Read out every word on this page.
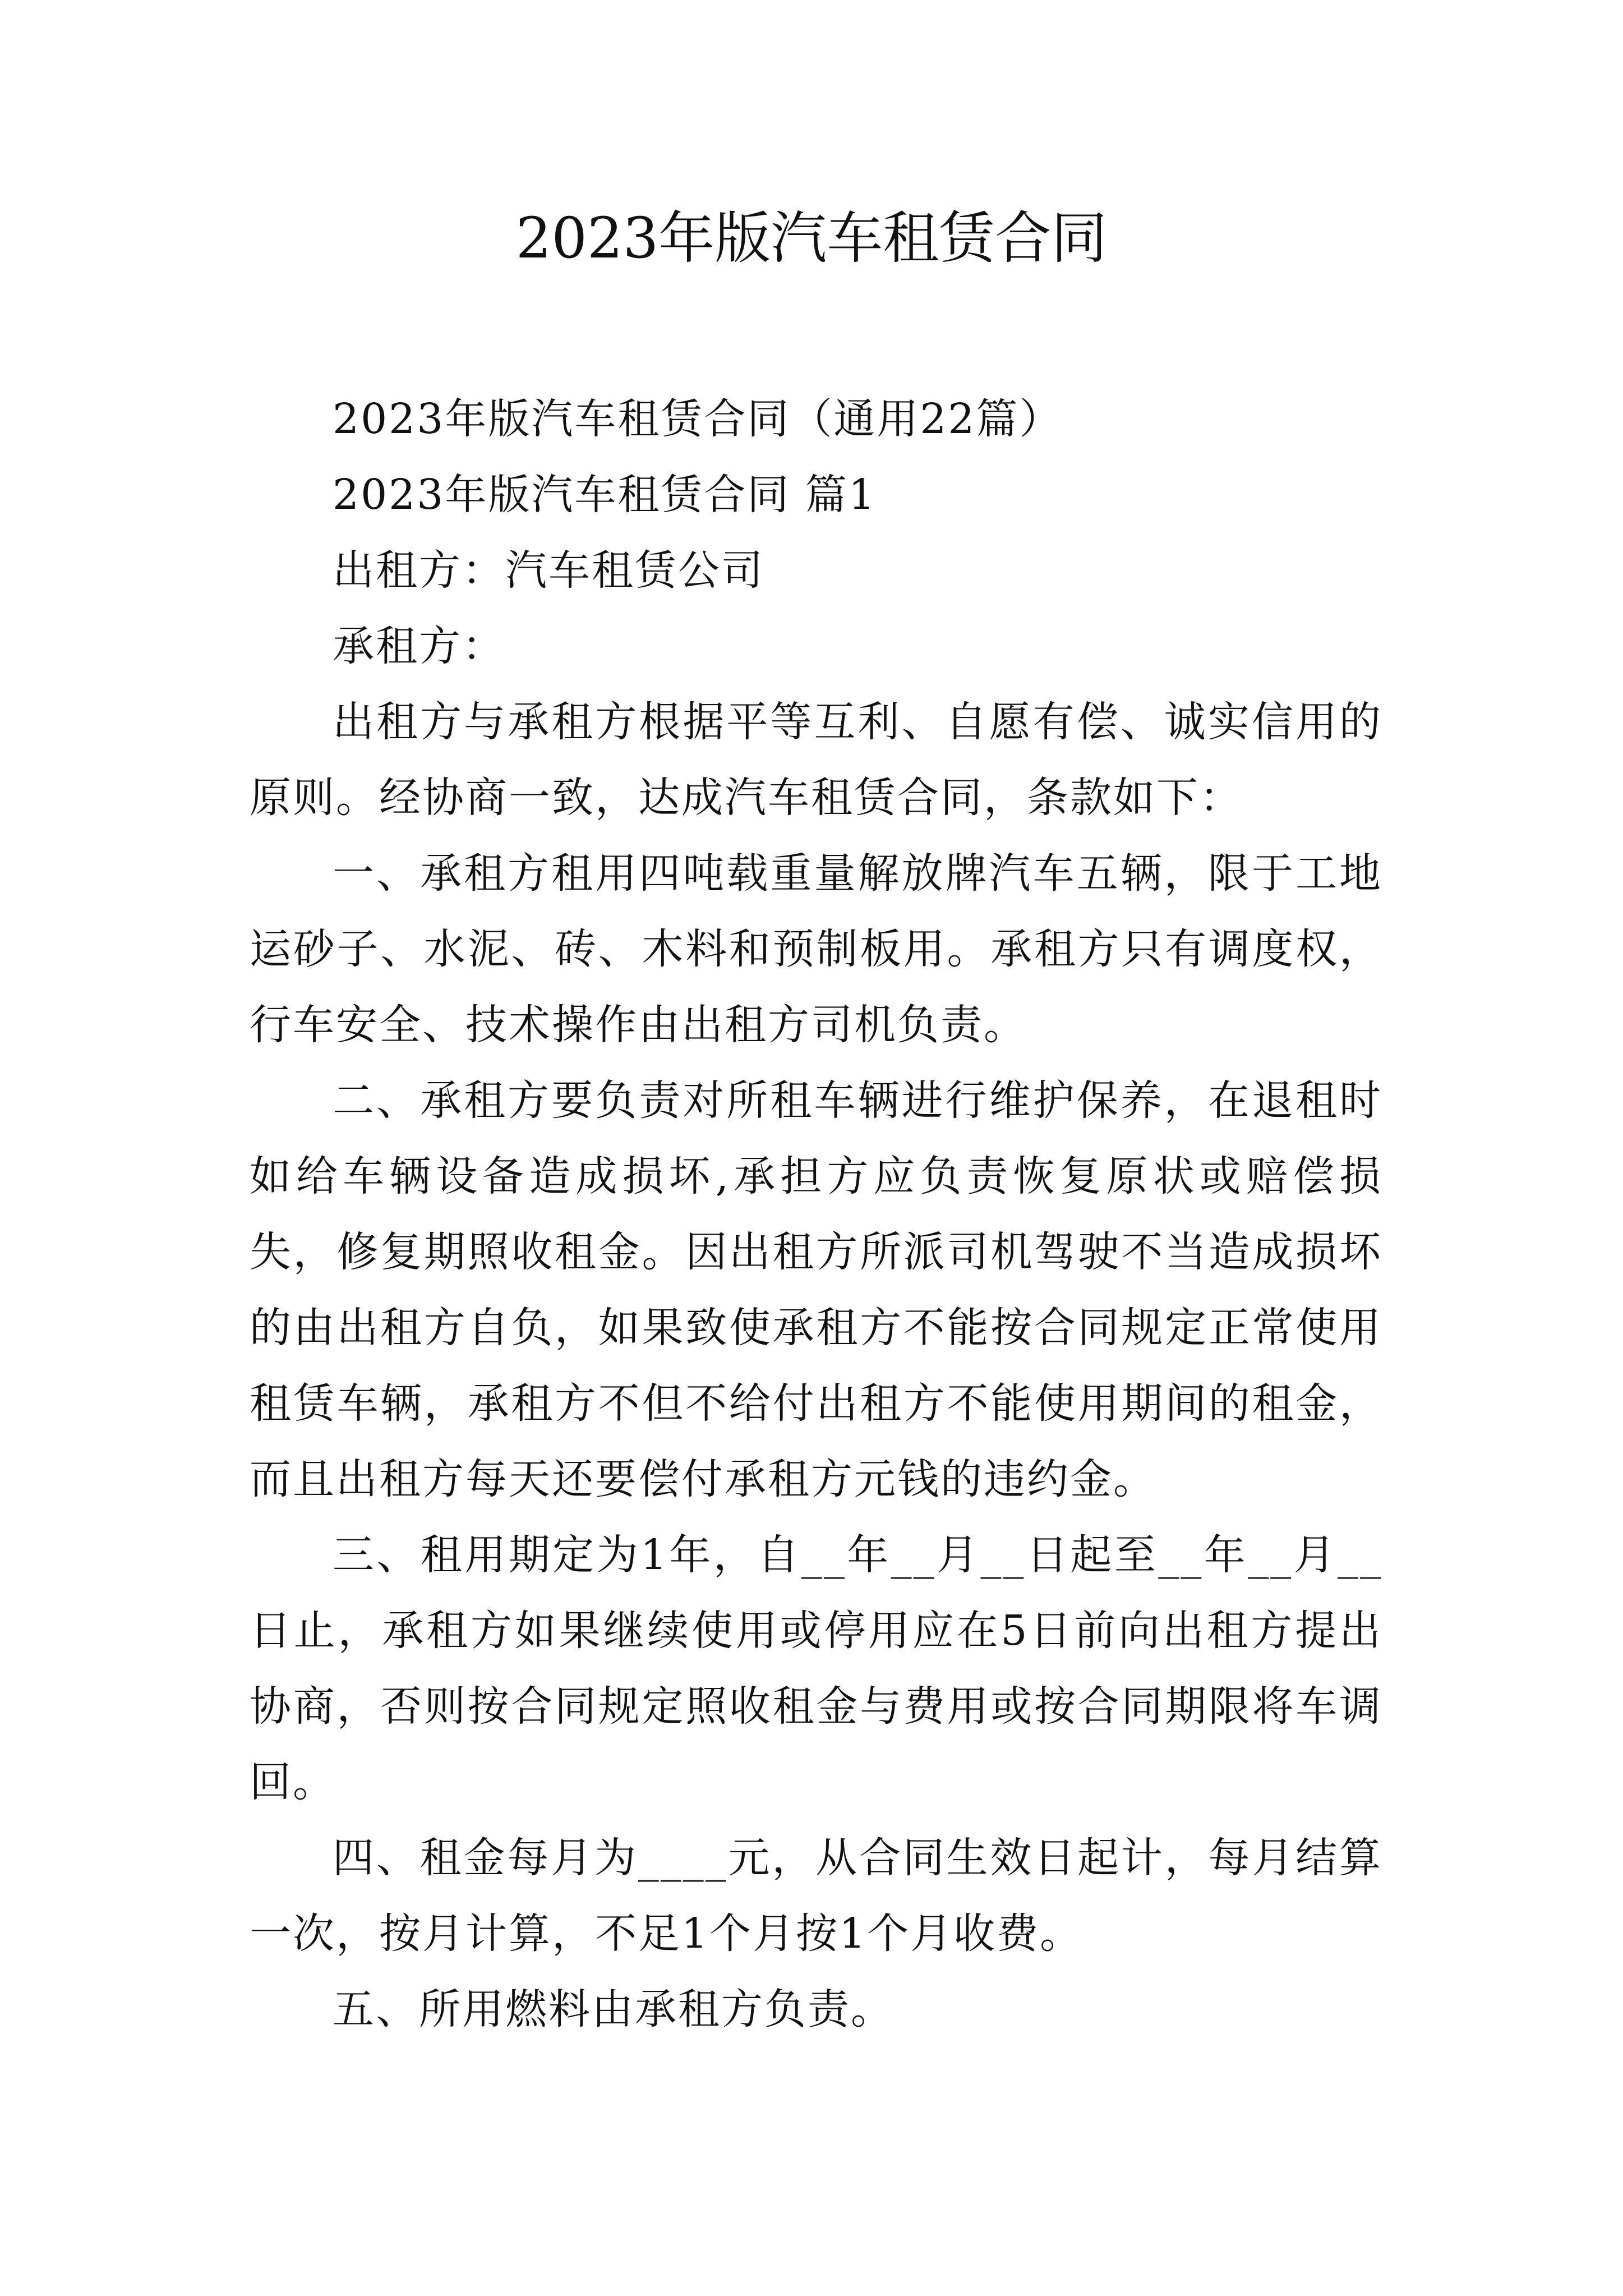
2023年版汽车租赁合同

2023年版汽车租赁合同（通用22篇）

2023年版汽车租赁合同 篇1

出租方：汽车租赁公司

承租方：

出租方与承租方根据平等互利、自愿有偿、诚实信用的原则。经协商一致，达成汽车租赁合同，条款如下：

一、承租方租用四吨载重量解放牌汽车五辆，限于工地运砂子、水泥、砖、木料和预制板用。承租方只有调度权，行车安全、技术操作由出租方司机负责。

二、承租方要负责对所租车辆进行维护保养，在退租时如给车辆设备造成损坏,承担方应负责恢复原状或赔偿损失，修复期照收租金。因出租方所派司机驾驶不当造成损坏的由出租方自负，如果致使承租方不能按合同规定正常使用租赁车辆，承租方不但不给付出租方不能使用期间的租金，而且出租方每天还要偿付承租方元钱的违约金。

三、租用期定为1年，自__年__月__日起至__年__月__日止，承租方如果继续使用或停用应在5日前向出租方提出协商，否则按合同规定照收租金与费用或按合同期限将车调回。

四、租金每月为____元，从合同生效日起计，每月结算一次，按月计算，不足1个月按1个月收费。

五、所用燃料由承租方负责。
